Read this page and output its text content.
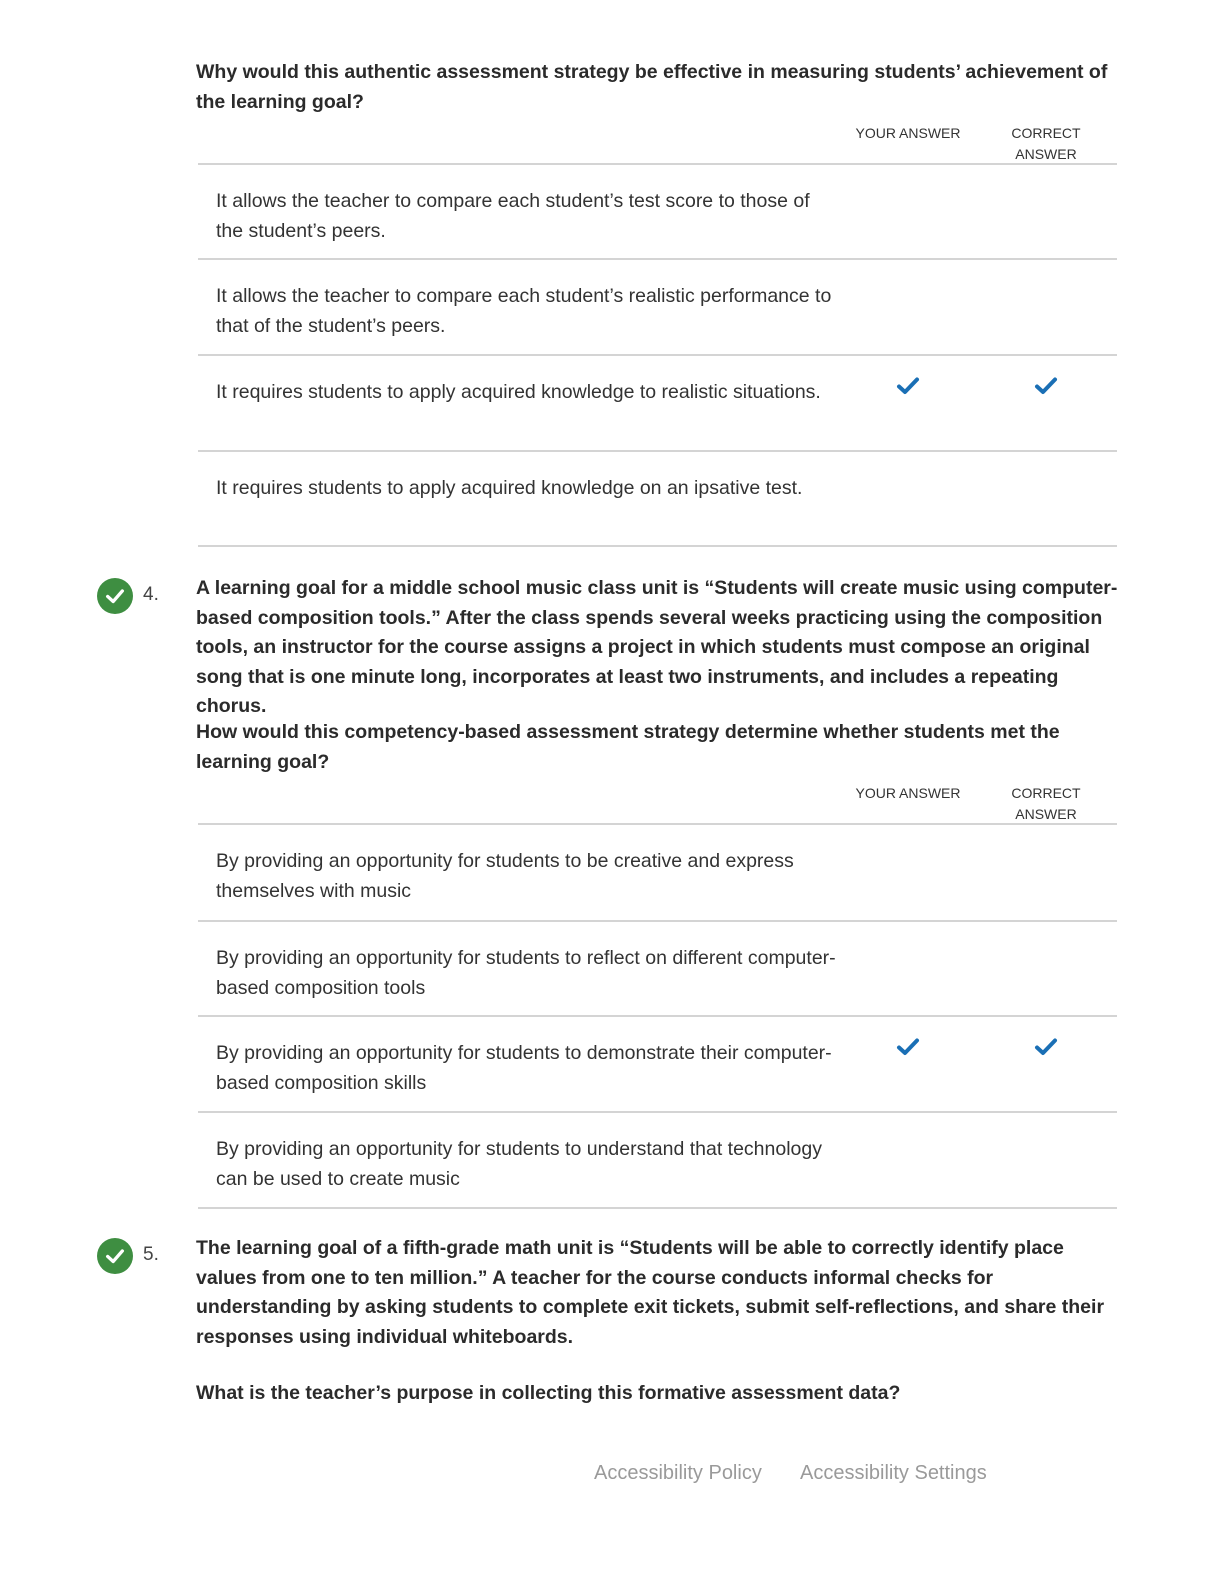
Why would this authentic assessment strategy be effective in measuring students’ achievement of the learning goal?

YOUR ANSWER	CORRECT ANSWER
It allows the teacher to compare each student’s test score to those of the student’s peers.
It allows the teacher to compare each student’s realistic performance to that of the student’s peers.
It requires students to apply acquired knowledge to realistic situations.
It requires students to apply acquired knowledge on an ipsative test.
4. A learning goal for a middle school music class unit is “Students will create music using computer-based composition tools.” After the class spends several weeks practicing using the composition tools, an instructor for the course assigns a project in which students must compose an original song that is one minute long, incorporates at least two instruments, and includes a repeating chorus.

How would this competency-based assessment strategy determine whether students met the learning goal?

YOUR ANSWER	CORRECT ANSWER
By providing an opportunity for students to be creative and express themselves with music
By providing an opportunity for students to reflect on different computer-based composition tools
By providing an opportunity for students to demonstrate their computer-based composition skills
By providing an opportunity for students to understand that technology can be used to create music
5. The learning goal of a fifth-grade math unit is “Students will be able to correctly identify place values from one to ten million.” A teacher for the course conducts informal checks for understanding by asking students to complete exit tickets, submit self-reflections, and share their responses using individual whiteboards.

What is the teacher’s purpose in collecting this formative assessment data?

Accessibility Policy Accessibility Settings
